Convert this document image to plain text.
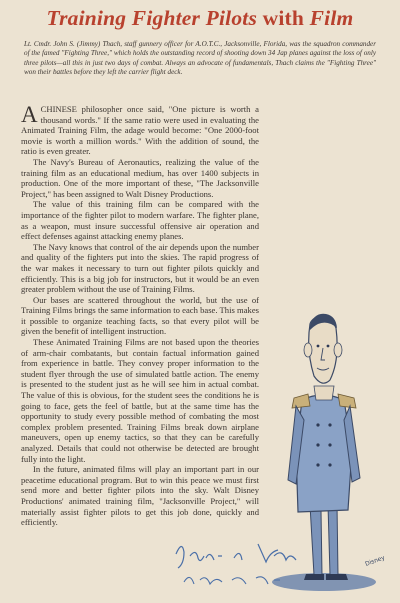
Training Fighter Pilots with Film
Lt. Cmdr. John S. (Jimmy) Thach, staff gunnery officer for A.O.T.C., Jacksonville, Florida, was the squadron commander of the famed "Fighting Three," which holds the outstanding record of shooting down 34 Jap planes against the loss of only three pilots—all this in just two days of combat. Always an advocate of fundamentals, Thach claims the "Fighting Three" won their battles before they left the carrier flight deck.

ACHINESE philosopher once said, "One picture is worth a thousand words." If the same ratio were used in evaluating the Animated Training Film, the adage would become: "One 2000-foot movie is worth a million words." With the addition of sound, the ratio is even greater.

The Navy's Bureau of Aeronautics, realizing the value of the training film as an educational medium, has over 1400 subjects in production. One of the more important of these, "The Jacksonville Project," has been assigned to Walt Disney Productions.

The value of this training film can be compared with the importance of the fighter pilot to modern warfare. The fighter plane, as a weapon, must insure successful offensive air operation and effect defenses against attacking enemy planes.

The Navy knows that control of the air depends upon the number and quality of the fighters put into the skies. The rapid progress of the war makes it necessary to turn out fighter pilots quickly and efficiently. This is a big job for instructors, but it would be an even greater problem without the use of Training Films.

Our bases are scattered throughout the world, but the use of Training Films brings the same information to each base. This makes it possible to organize teaching facts, so that every pilot will be given the benefit of intelligent instruction.

These Animated Training Films are not based upon the theories of arm-chair combatants, but contain factual information gained from experience in battle. They convey proper information to the student flyer through the use of simulated battle action. The enemy is presented to the student just as he will see him in actual combat. The value of this is obvious, for the student sees the conditions he is going to face, gets the feel of battle, but at the same time has the opportunity to study every possible method of combating the most complex problem presented. Training Films break down airplane maneuvers, open up enemy tactics, so that they can be carefully analyzed. Details that could not otherwise be detected are brought fully into the light.

In the future, animated films will play an important part in our peacetime educational program. But to win this peace we must first send more and better fighter pilots into the sky. Walt Disney Productions' animated training film, "Jacksonville Project," will materially assist fighter pilots to get this job done, quickly and efficiently.

Disney
